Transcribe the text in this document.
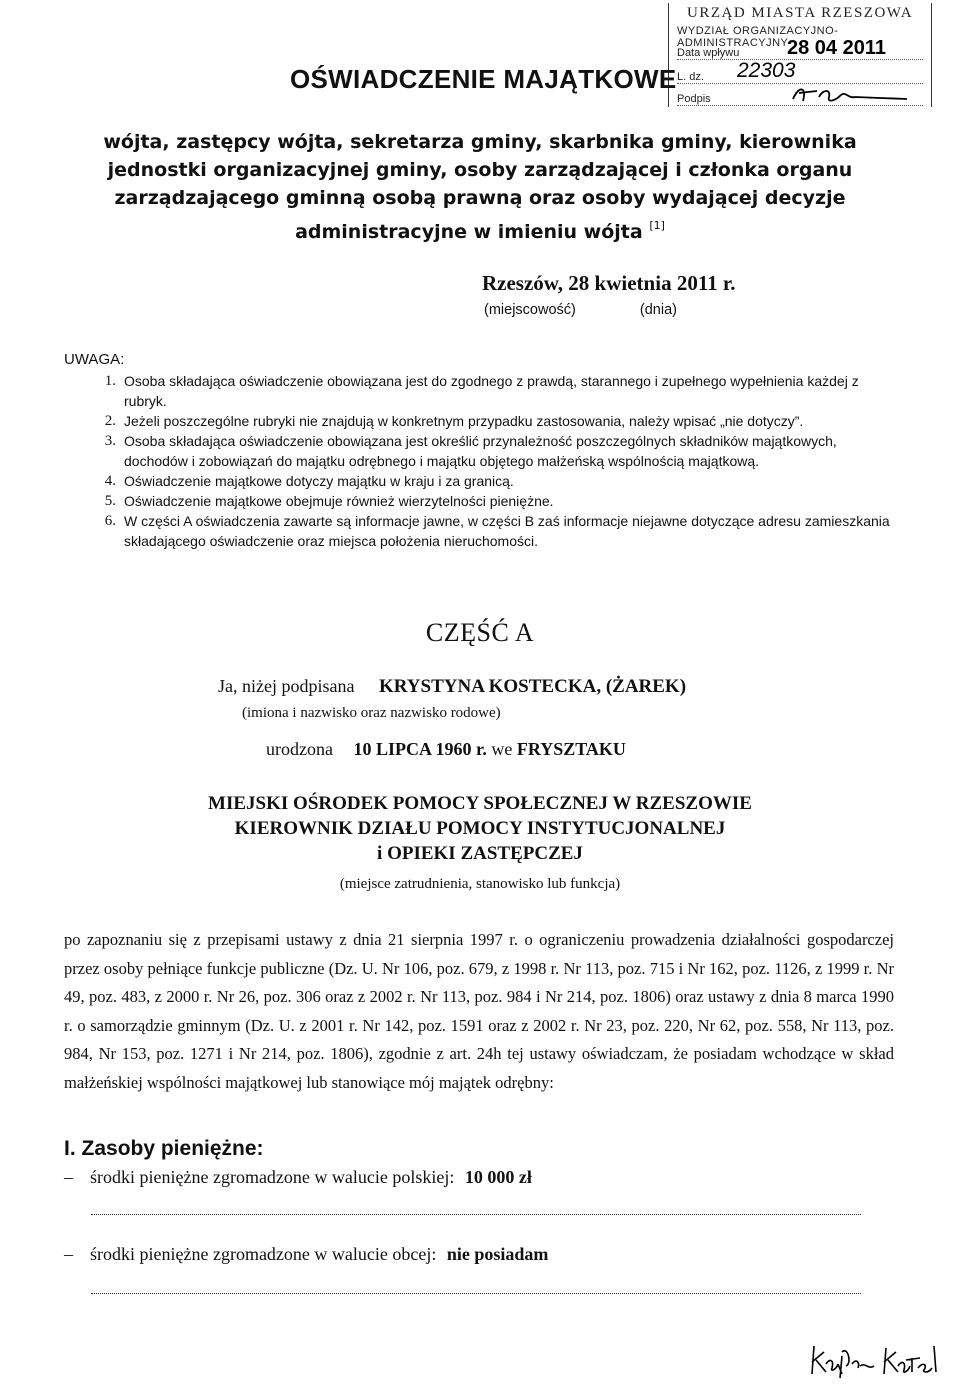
URZĄD MIASTA RZESZOWA
WYDZIAŁ ORGANIZACYJNO-ADMINISTRACYJNY
Data wpływu	28 04 2011
L. dz.	22303
Podpis
OŚWIADCZENIE MAJĄTKOWE
wójta, zastępcy wójta, sekretarza gminy, skarbnika gminy, kierownika jednostki organizacyjnej gminy, osoby zarządzającej i członka organu zarządzającego gminną osobą prawną oraz osoby wydającej decyzje administracyjne w imieniu wójta [1]
Rzeszów, 28 kwietnia 2011 r.
(miejscowość)	(dnia)
UWAGA:

1. Osoba składająca oświadczenie obowiązana jest do zgodnego z prawdą, starannego i zupełnego wypełnienia każdej z rubryk.

2. Jeżeli poszczególne rubryki nie znajdują w konkretnym przypadku zastosowania, należy wpisać „nie dotyczy”.

3. Osoba składająca oświadczenie obowiązana jest określić przynależność poszczególnych składników majątkowych, dochodów i zobowiązań do majątku odrębnego i majątku objętego małżeńską wspólnością majątkową.

4. Oświadczenie majątkowe dotyczy majątku w kraju i za granicą.

5. Oświadczenie majątkowe obejmuje również wierzytelności pieniężne.

6. W części A oświadczenia zawarte są informacje jawne, w części B zaś informacje niejawne dotyczące adresu zamieszkania składającego oświadczenie oraz miejsca położenia nieruchomości.

CZĘŚĆ A
Ja, niżej podpisana KRYSTYNA KOSTECKA, (ŻAREK)
(imiona i nazwisko oraz nazwisko rodowe)
urodzona 10 LIPCA 1960 r. we FRYSZTAKU
MIEJSKI OŚRODEK POMOCY SPOŁECZNEJ W RZESZOWIE
KIEROWNIK DZIAŁU POMOCY INSTYTUCJONALNEJ
i OPIEKI ZASTĘPCZEJ
(miejsce zatrudnienia, stanowisko lub funkcja)
po zapoznaniu się z przepisami ustawy z dnia 21 sierpnia 1997 r. o ograniczeniu prowadzenia działalności gospodarczej przez osoby pełniące funkcje publiczne (Dz. U. Nr 106, poz. 679, z 1998 r. Nr 113, poz. 715 i Nr 162, poz. 1126, z 1999 r. Nr 49, poz. 483, z 2000 r. Nr 26, poz. 306 oraz z 2002 r. Nr 113, poz. 984 i Nr 214, poz. 1806) oraz ustawy z dnia 8 marca 1990 r. o samorządzie gminnym (Dz. U. z 2001 r. Nr 142, poz. 1591 oraz z 2002 r. Nr 23, poz. 220, Nr 62, poz. 558, Nr 113, poz. 984, Nr 153, poz. 1271 i Nr 214, poz. 1806), zgodnie z art. 24h tej ustawy oświadczam, że posiadam wchodzące w skład małżeńskiej wspólności majątkowej lub stanowiące mój majątek odrębny:
I. Zasoby pieniężne:
– środki pieniężne zgromadzone w walucie polskiej: 10 000 zł
– środki pieniężne zgromadzone w walucie obcej: nie posiadam
